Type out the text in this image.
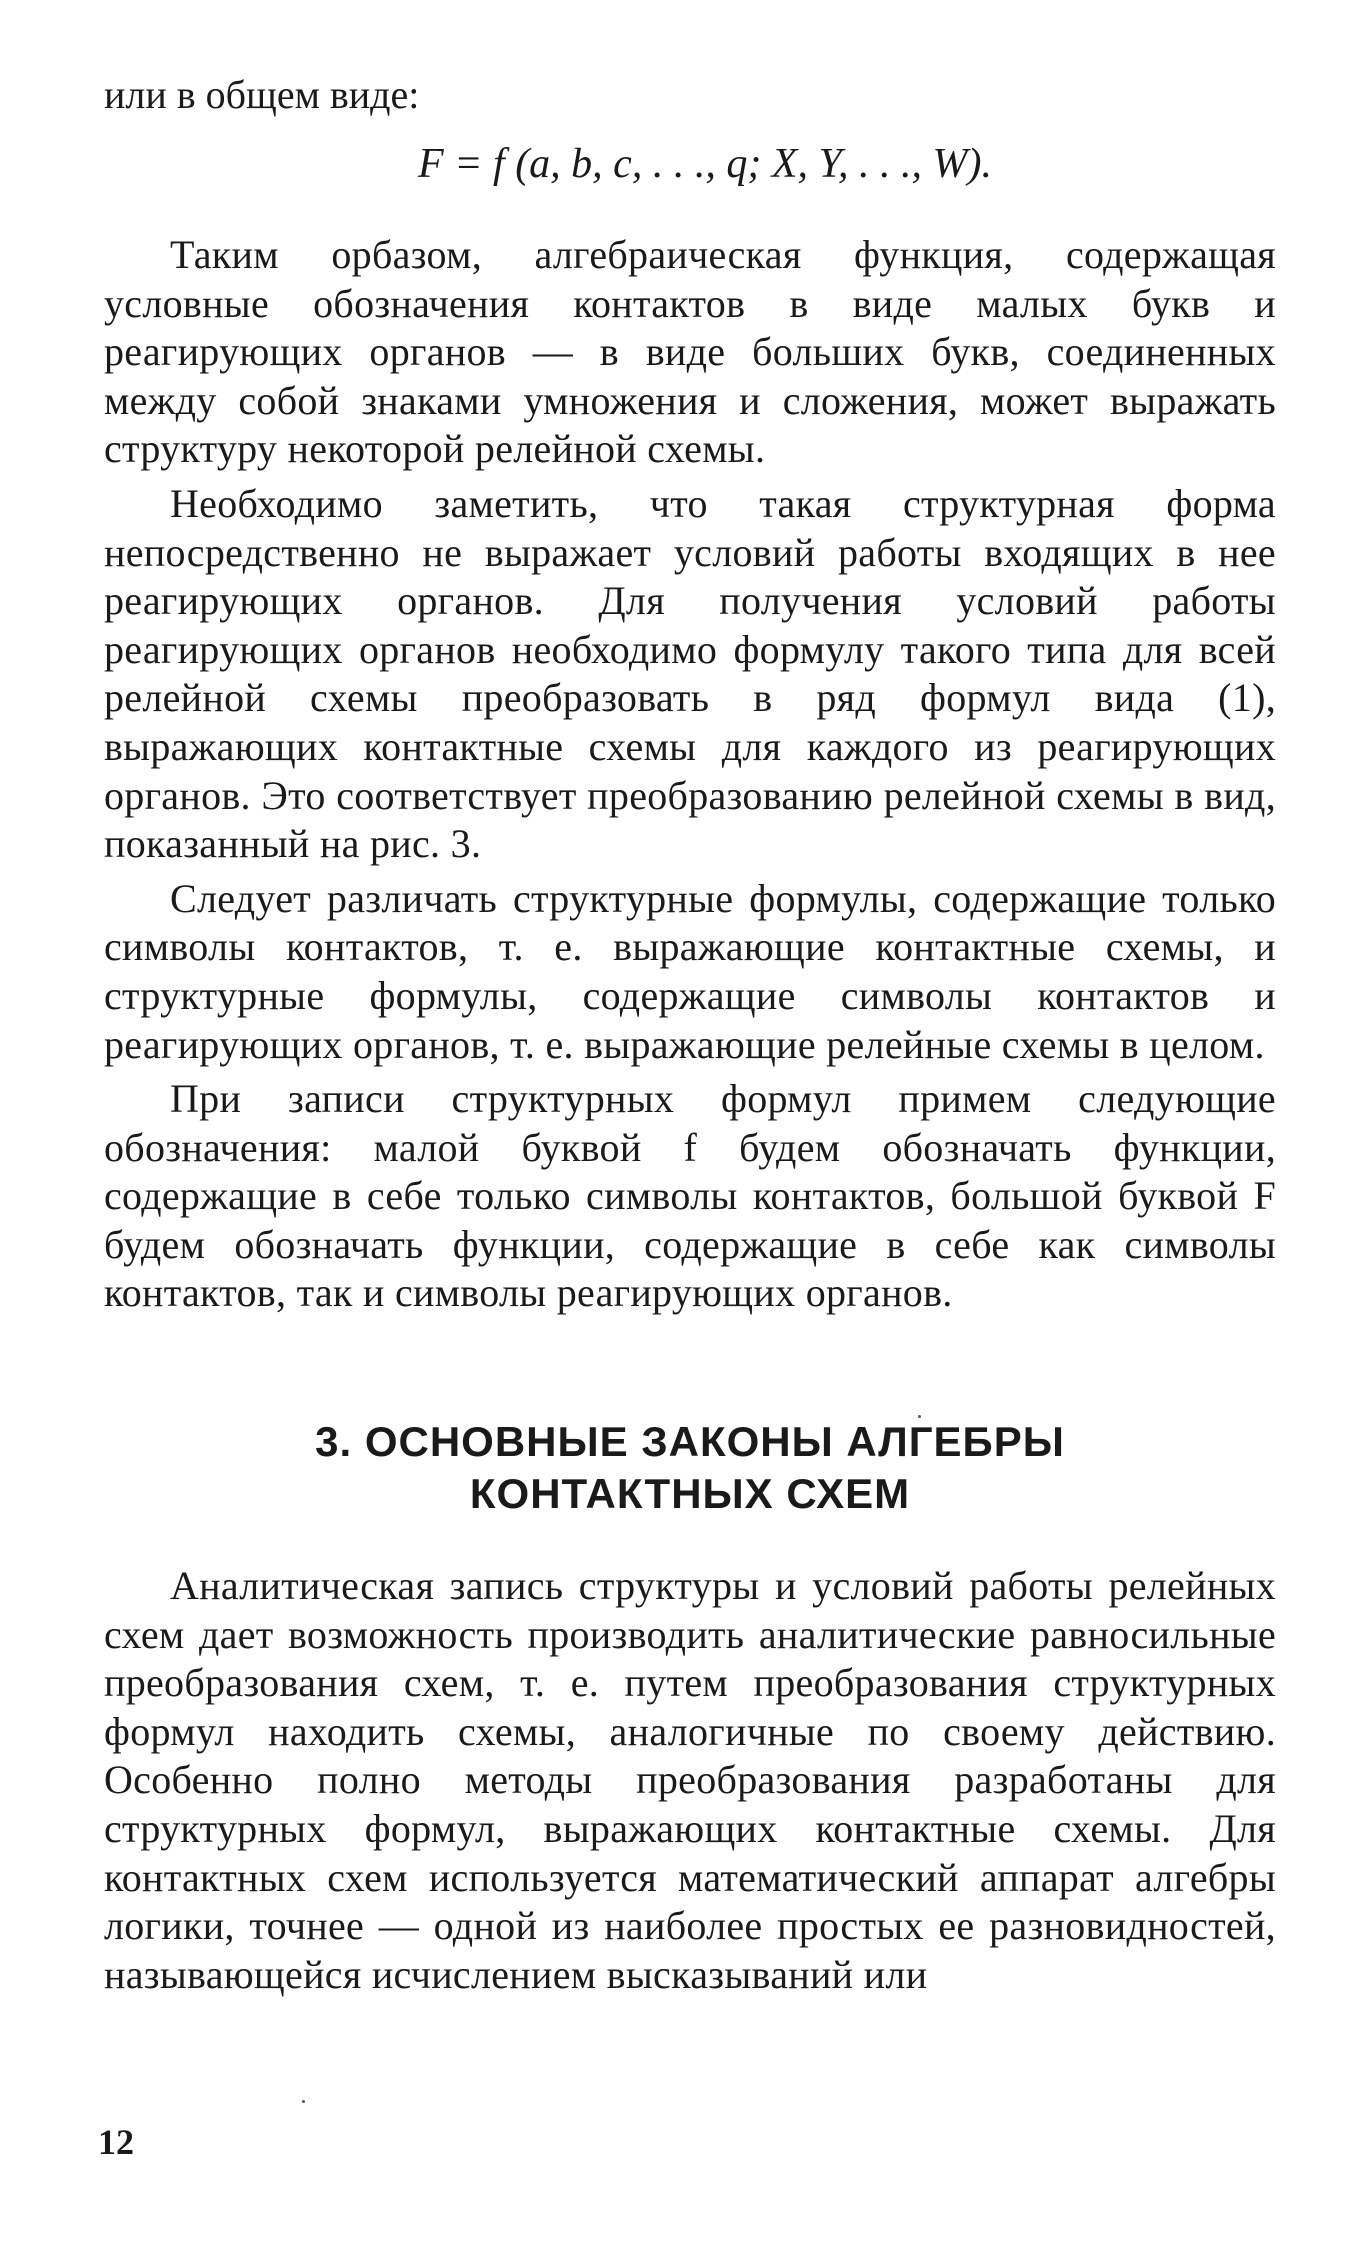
или в общем виде:

F = f (a, b, c, . . ., q; X, Y, . . ., W).

Таким орбазом, алгебраическая функция, содержащая условные обозначения контактов в виде малых букв и реагирующих органов — в виде больших букв, соединенных между собой знаками умножения и сложения, может выражать структуру некоторой релейной схемы.

Необходимо заметить, что такая структурная форма непосредственно не выражает условий работы входящих в нее реагирующих органов. Для получения условий работы реагирующих органов необходимо формулу такого типа для всей релейной схемы преобразовать в ряд формул вида (1), выражающих контактные схемы для каждого из реагирующих органов. Это соответствует преобразованию релейной схемы в вид, показанный на рис. 3.

Следует различать структурные формулы, содержащие только символы контактов, т. е. выражающие контактные схемы, и структурные формулы, содержащие символы контактов и реагирующих органов, т. е. выражающие релейные схемы в целом.

При записи структурных формул примем следующие обозначения: малой буквой f будем обозначать функции, содержащие в себе только символы контактов, большой буквой F будем обозначать функции, содержащие в себе как символы контактов, так и символы реагирующих органов.

3. ОСНОВНЫЕ ЗАКОНЫ АЛГЕБРЫ
КОНТАКТНЫХ СХЕМ

Аналитическая запись структуры и условий работы релейных схем дает возможность производить аналитические равносильные преобразования схем, т. е. путем преобразования структурных формул находить схемы, аналогичные по своему действию. Особенно полно методы преобразования разработаны для структурных формул, выражающих контактные схемы. Для контактных схем используется математический аппарат алгебры логики, точнее — одной из наиболее простых ее разновидностей, называющейся исчислением высказываний или

12
